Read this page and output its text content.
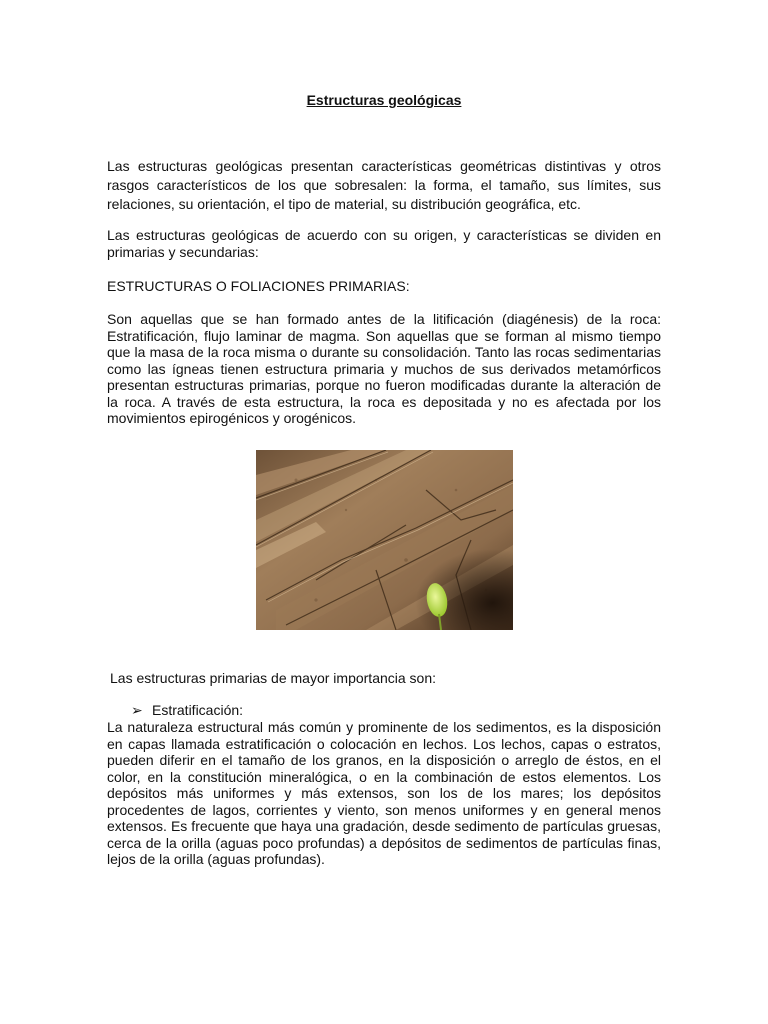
Estructuras geológicas

Las estructuras geológicas presentan características geométricas distintivas y otros rasgos característicos de los que sobresalen: la forma, el tamaño, sus límites, sus relaciones, su orientación, el tipo de material, su distribución geográfica, etc.

Las estructuras geológicas de acuerdo con su origen, y características se dividen en primarias y secundarias:

ESTRUCTURAS O FOLIACIONES PRIMARIAS:

Son aquellas que se han formado antes de la litificación (diagénesis) de la roca: Estratificación, flujo laminar de magma. Son aquellas que se forman al mismo tiempo que la masa de la roca misma o durante su consolidación. Tanto las rocas sedimentarias como las ígneas tienen estructura primaria y muchos de sus derivados metamórficos presentan estructuras primarias, porque no fueron modificadas durante la alteración de la roca. A través de esta estructura, la roca es depositada y no es afectada por los movimientos epirogénicos y orogénicos.

Las estructuras primarias de mayor importancia son:

➢ Estratificación:

La naturaleza estructural más común y prominente de los sedimentos, es la disposición en capas llamada estratificación o colocación en lechos. Los lechos, capas o estratos, pueden diferir en el tamaño de los granos, en la disposición o arreglo de éstos, en el color, en la constitución mineralógica, o en la combinación de estos elementos. Los depósitos más uniformes y más extensos, son los de los mares; los depósitos procedentes de lagos, corrientes y viento, son menos uniformes y en general menos extensos. Es frecuente que haya una gradación, desde sedimento de partículas gruesas, cerca de la orilla (aguas poco profundas) a depósitos de sedimentos de partículas finas, lejos de la orilla (aguas profundas).
